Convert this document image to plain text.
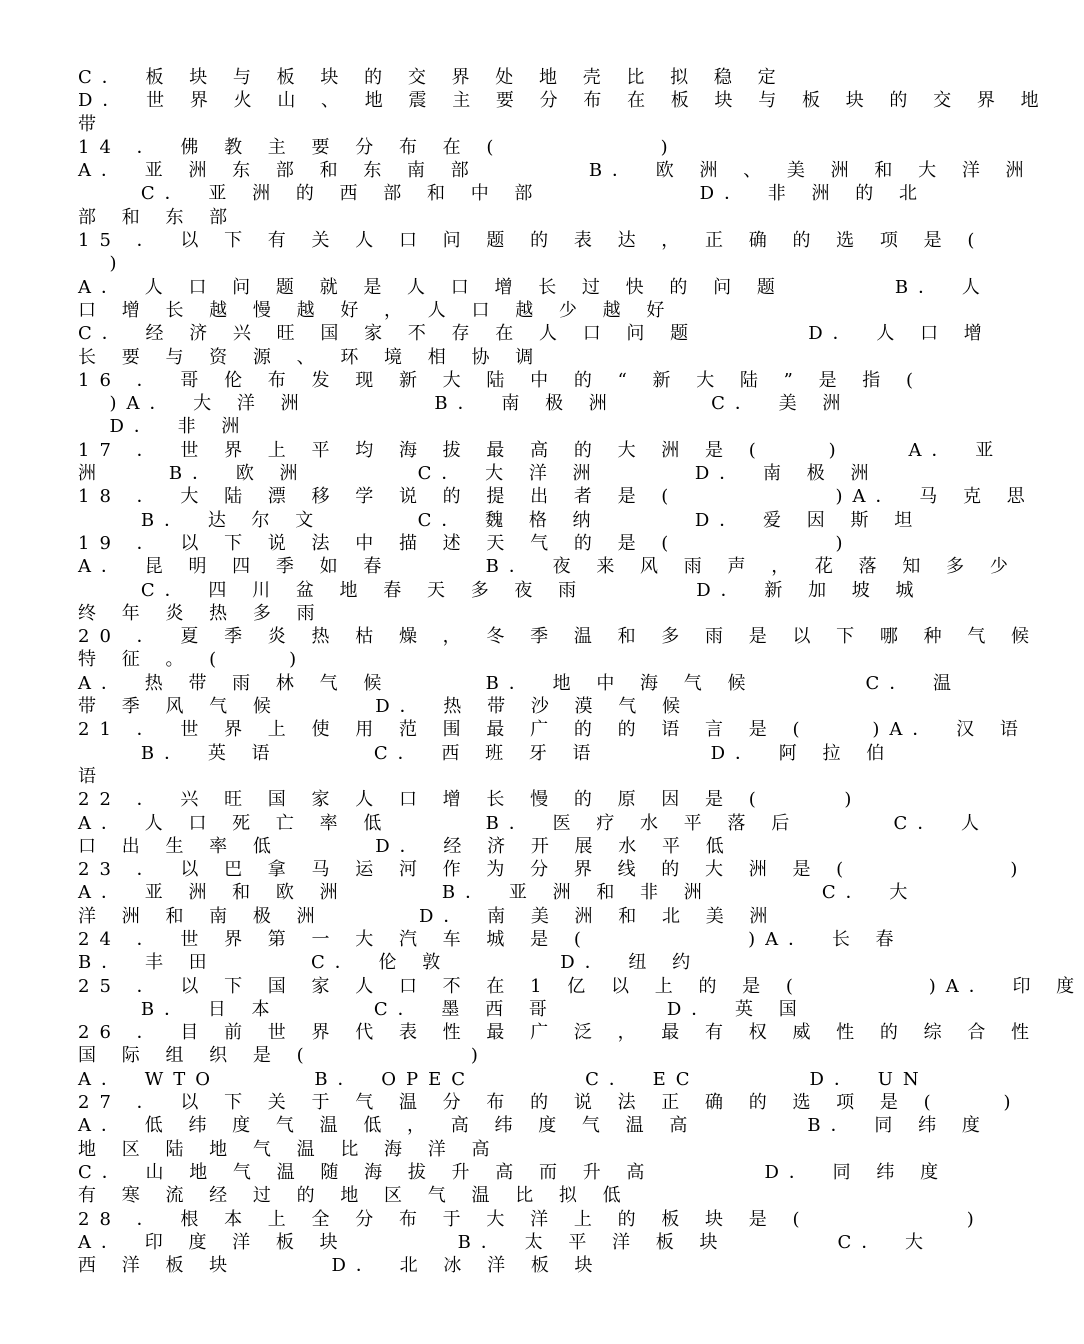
C． 板 块 与 板 块 的 交 界 处 地 壳 比 拟 稳 定
D． 世 界 火 山 、 地 震 主 要 分 布 在 板 块 与 板 块 的 交 界 地
带
14 ． 佛 教 主 要 分 布 在 (          )
A． 亚 洲 东 部 和 东 南 部       B． 欧 洲 、 美 洲 和 大 洋 洲
C． 亚 洲 的 西 部 和 中 部          D． 非 洲 的 北
部 和 东 部
15 ． 以 下 有 关 人 口 问 题 的 表 达 ， 正 确 的 选 项 是 (
)
A． 人 口 问 题 就 是 人 口 增 长 过 快 的 问 题       B． 人
口 增 长 越 慢 越 好 ， 人 口 越 少 越 好
C． 经 济 兴 旺 国 家 不 存 在 人 口 问 题       D． 人 口 增
长 要 与 资 源 、 环 境 相 协 调
16 ． 哥 伦 布 发 现 新 大 陆 中 的 “ 新 大 陆 ” 是 指 (
)A． 大 洋 洲        B． 南 极 洲      C． 美 洲
D． 非 洲
17 ． 世 界 上 平 均 海 拔 最 高 的 大 洲 是 (    )    A． 亚
洲    B． 欧 洲       C． 大 洋 洲      D． 南 极 洲
18 ． 大 陆 漂 移 学 说 的 提 出 者 是 (          )A． 马 克 思
B． 达 尔 文      C． 魏 格 纳      D． 爱 因 斯 坦
19 ． 以 下 说 法 中 描 述 天 气 的 是 (          )
A． 昆 明 四 季 如 春      B． 夜 来 风 雨 声 ， 花 落 知 多 少
C． 四 川 盆 地 春 天 多 夜 雨       D． 新 加 坡 城
终 年 炎 热 多 雨
20 ． 夏 季 炎 热 枯 燥 ， 冬 季 温 和 多 雨 是 以 下 哪 种 气 候
特 征 。 (    )
A． 热 带 雨 林 气 候      B． 地 中 海 气 候       C． 温
带 季 风 气 候      D． 热 带 沙 漠 气 候
21 ． 世 界 上 使 用 范 围 最 广 的 的 语 言 是 (    )A． 汉 语
B． 英 语      C． 西 班 牙 语       D． 阿 拉 伯
语
22 ． 兴 旺 国 家 人 口 增 长 慢 的 原 因 是 (     )
A． 人 口 死 亡 率 低      B． 医 疗 水 平 落 后      C． 人
口 出 生 率 低      D． 经 济 开 展 水 平 低
23 ． 以 巴 拿 马 运 河 作 为 分 界 线 的 大 洲 是 (          )
A． 亚 洲 和 欧 洲      B． 亚 洲 和 非 洲       C． 大
洋 洲 和 南 极 洲      D． 南 美 洲 和 北 美 洲
24 ． 世 界 第 一 大 汽 车 城 是 (          )A． 长 春
B． 丰 田      C． 伦 敦       D． 纽 约
25 ． 以 下 国 家 人 口 不 在 1 亿 以 上 的 是 (        )A． 印 度
B． 日 本      C． 墨 西 哥       D． 英 国
26 ． 目 前 世 界 代 表 性 最 广 泛 ， 最 有 权 威 性 的 综 合 性
国 际 组 织 是 (          )
A． WTO      B． OPEC       C． EC       D． UN
27 ． 以 下 关 于 气 温 分 布 的 说 法 正 确 的 选 项 是 (    )
A． 低 纬 度 气 温 低 ， 高 纬 度 气 温 高       B． 同 纬 度
地 区 陆 地 气 温 比 海 洋 高
C． 山 地 气 温 随 海 拔 升 高 而 升 高       D． 同 纬 度
有 寒 流 经 过 的 地 区 气 温 比 拟 低
28 ． 根 本 上 全 分 布 于 大 洋 上 的 板 块 是 (          )
A． 印 度 洋 板 块       B． 太 平 洋 板 块       C． 大
西 洋 板 块      D． 北 冰 洋 板 块
